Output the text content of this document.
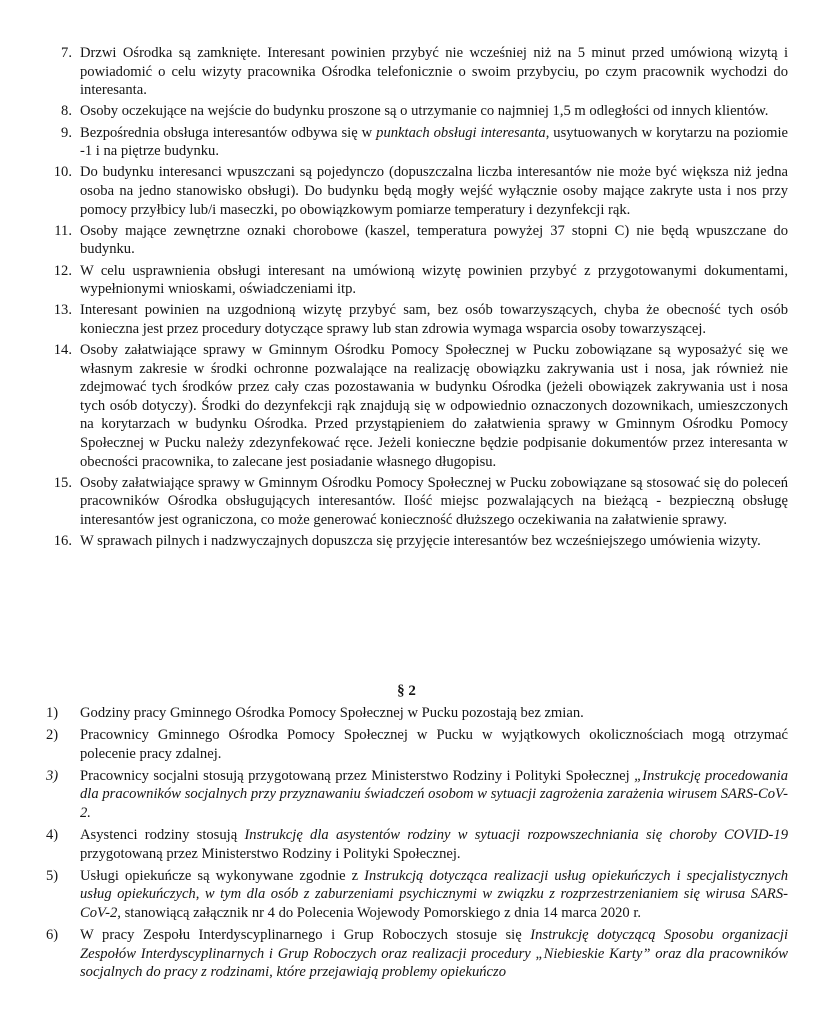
7. Drzwi Ośrodka są zamknięte. Interesant powinien przybyć nie wcześniej niż na 5 minut przed umówioną wizytą i powiadomić o celu wizyty pracownika Ośrodka telefonicznie o swoim przybyciu, po czym pracownik wychodzi do interesanta.
8. Osoby oczekujące na wejście do budynku proszone są o utrzymanie co najmniej 1,5 m odległości od innych klientów.
9. Bezpośrednia obsługa interesantów odbywa się w punktach obsługi interesanta, usytuowanych w korytarzu na poziomie -1 i na piętrze budynku.
10. Do budynku interesanci wpuszczani są pojedynczo (dopuszczalna liczba interesantów nie może być większa niż jedna osoba na jedno stanowisko obsługi). Do budynku będą mogły wejść wyłącznie osoby mające zakryte usta i nos przy pomocy przyłbicy lub/i maseczki, po obowiązkowym pomiarze temperatury i dezynfekcji rąk.
11. Osoby mające zewnętrzne oznaki chorobowe (kaszel, temperatura powyżej 37 stopni C) nie będą wpuszczane do budynku.
12. W celu usprawnienia obsługi interesant na umówioną wizytę powinien przybyć z przygotowanymi dokumentami, wypełnionymi wnioskami, oświadczeniami itp.
13. Interesant powinien na uzgodnioną wizytę przybyć sam, bez osób towarzyszących, chyba że obecność tych osób konieczna jest przez procedury dotyczące sprawy lub stan zdrowia wymaga wsparcia osoby towarzyszącej.
14. Osoby załatwiające sprawy w Gminnym Ośrodku Pomocy Społecznej w Pucku zobowiązane są wyposażyć się we własnym zakresie w środki ochronne pozwalające na realizację obowiązku zakrywania ust i nosa, jak również nie zdejmować tych środków przez cały czas pozostawania w budynku Ośrodka (jeżeli obowiązek zakrywania ust i nosa tych osób dotyczy). Środki do dezynfekcji rąk znajdują się w odpowiednio oznaczonych dozownikach, umieszczonych na korytarzach w budynku Ośrodka. Przed przystąpieniem do załatwienia sprawy w Gminnym Ośrodku Pomocy Społecznej w Pucku należy zdezynfekować ręce. Jeżeli konieczne będzie podpisanie dokumentów przez interesanta w obecności pracownika, to zalecane jest posiadanie własnego długopisu.
15. Osoby załatwiające sprawy w Gminnym Ośrodku Pomocy Społecznej w Pucku zobowiązane są stosować się do poleceń pracowników Ośrodka obsługujących interesantów. Ilość miejsc pozwalających na bieżącą - bezpieczną obsługę interesantów jest ograniczona, co może generować konieczność dłuższego oczekiwania na załatwienie sprawy.
16. W sprawach pilnych i nadzwyczajnych dopuszcza się przyjęcie interesantów bez wcześniejszego umówienia wizyty.
§ 2
1)	Godziny pracy Gminnego Ośrodka Pomocy Społecznej w Pucku pozostają bez zmian.
2)	Pracownicy Gminnego Ośrodka Pomocy Społecznej w Pucku w wyjątkowych okolicznościach mogą otrzymać polecenie pracy zdalnej.
3)	Pracownicy socjalni stosują przygotowaną przez Ministerstwo Rodziny i Polityki Społecznej „Instrukcję procedowania dla pracowników socjalnych przy przyznawaniu świadczeń osobom w sytuacji zagrożenia zarażenia wirusem SARS-CoV-2.
4)	Asystenci rodziny stosują Instrukcję dla asystentów rodziny w sytuacji rozpowszechniania się choroby COVID-19 przygotowaną przez Ministerstwo Rodziny i Polityki Społecznej.
5)	Usługi opiekuńcze są wykonywane zgodnie z Instrukcją dotycząca realizacji usług opiekuńczych i specjalistycznych usług opiekuńczych, w tym dla osób z zaburzeniami psychicznymi w związku z rozprzestrzenianiem się wirusa SARS-CoV-2, stanowiącą załącznik nr 4 do Polecenia Wojewody Pomorskiego z dnia 14 marca 2020 r.
6)	W pracy Zespołu Interdyscyplinarnego i Grup Roboczych stosuje się Instrukcję dotyczącą Sposobu organizacji Zespołów Interdyscyplinarnych i Grup Roboczych oraz realizacji procedury „Niebieskie Karty” oraz dla pracowników socjalnych do pracy z rodzinami, które przejawiają problemy opiekuńczo
